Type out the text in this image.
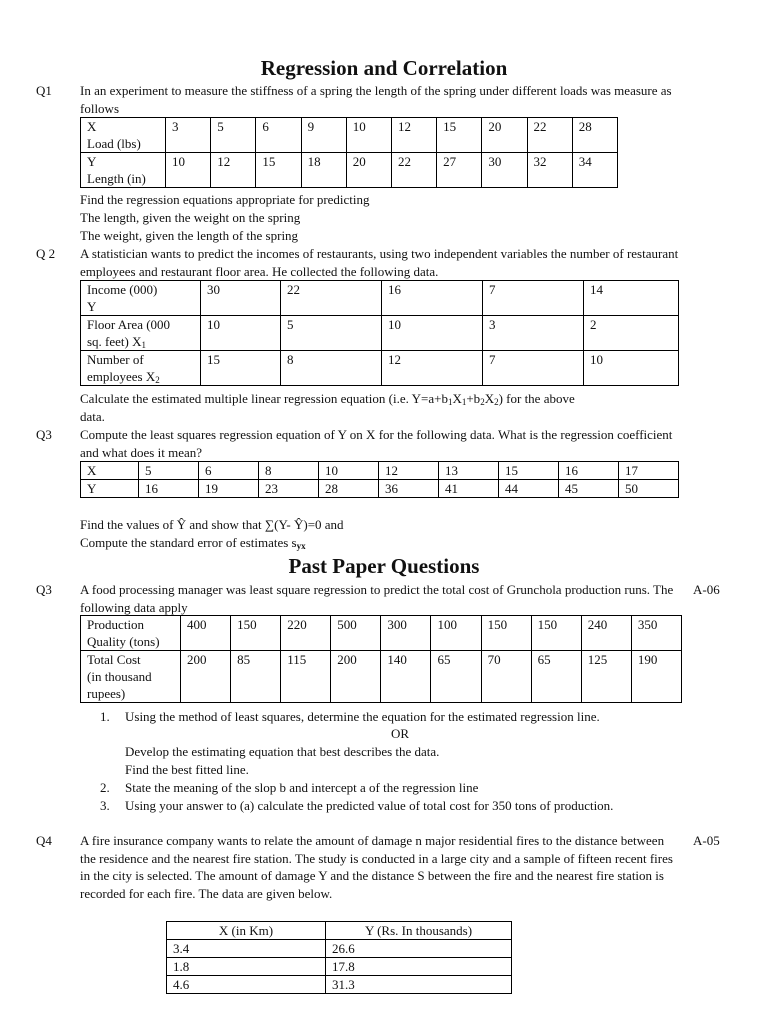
Regression and Correlation
Q1 In an experiment to measure the stiffness of a spring the length of the spring under different loads was measure as follows
X
Load (lbs)	3	5	6	9	10	12	15	20	22	28

Y
Length (in)	10	12	15	18	20	22	27	30	32	34
Find the regression equations appropriate for predicting
The length, given the weight on the spring
The weight, given the length of the spring
Q 2 A statistician wants to predict the incomes of restaurants, using two independent variables the number of restaurant employees and restaurant floor area. He collected the following data.
Income (000)
Y	30	22	16	7	14

Floor Area (000
sq. feet) $X_1$	10	5	10	3	2

Number of
employees $X_2$	15	8	12	7	10
Calculate the estimated multiple linear regression equation (i.e. $Y=a+b_1X_1+b_2X_2$) for the above
data.
Q3 Compute the least squares regression equation of Y on X for the following data. What is the regression coefficient and what does it mean?
X	5	6	8	10	12	13	15	16	17
Y	16	19	23	28	36	41	44	45	50
Find the values of Ŷ and show that ∑(Y- Ŷ)=0 and
Compute the standard error of estimates $s_{yx}$
Past Paper Questions
Q3 A food processing manager was least square regression to predict the total cost of Grunchola production runs. The following data apply
A-06
Production
Quality (tons)	400	150	220	500	300	100	150	150	240	350

Total Cost
(in thousand
rupees)	200	85	115	200	140	65	70	65	125	190
1. Using the method of least squares, determine the equation for the estimated regression line.
OR
Develop the estimating equation that best describes the data.
Find the best fitted line.
2. State the meaning of the slop b and intercept a of the regression line
3. Using your answer to (a) calculate the predicted value of total cost for 350 tons of production.
Q4 A fire insurance company wants to relate the amount of damage n major residential fires to the distance between the residence and the nearest fire station. The study is conducted in a large city and a sample of fifteen recent fires in the city is selected. The amount of damage Y and the distance S between the fire and the nearest fire station is recorded for each fire. The data are given below.
A-05
X (in Km)	Y (Rs. In thousands)
3.4	26.6
1.8	17.8
4.6	31.3
